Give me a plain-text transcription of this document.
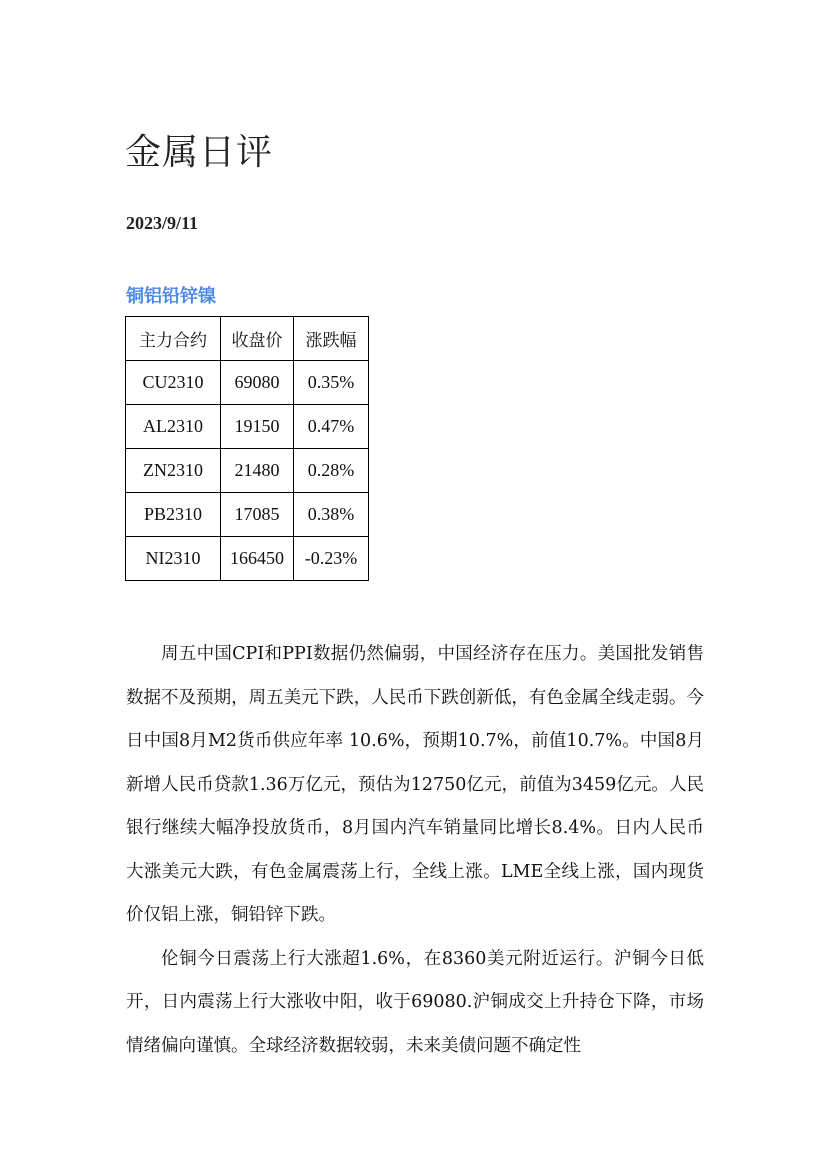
金属日评
2023/9/11
铜铝铅锌镍
主力合约	收盘价	涨跌幅
CU2310	69080	0.35%
AL2310	19150	0.47%
ZN2310	21480	0.28%
PB2310	17085	0.38%
NI2310	166450	-0.23%

周五中国CPI和PPI数据仍然偏弱，中国经济存在压力。美国批发销售数据不及预期，周五美元下跌，人民币下跌创新低，有色金属全线走弱。今日中国8月M2货币供应年率 10.6%，预期10.7%，前值10.7%。中国8月新增人民币贷款1.36万亿元，预估为12750亿元，前值为3459亿元。人民银行继续大幅净投放货币，8月国内汽车销量同比增长8.4%。日内人民币大涨美元大跌，有色金属震荡上行，全线上涨。LME全线上涨，国内现货价仅铝上涨，铜铅锌下跌。

伦铜今日震荡上行大涨超1.6%，在8360美元附近运行。沪铜今日低开，日内震荡上行大涨收中阳，收于69080.沪铜成交上升持仓下降，市场情绪偏向谨慎。全球经济数据较弱，未来美债问题不确定性
